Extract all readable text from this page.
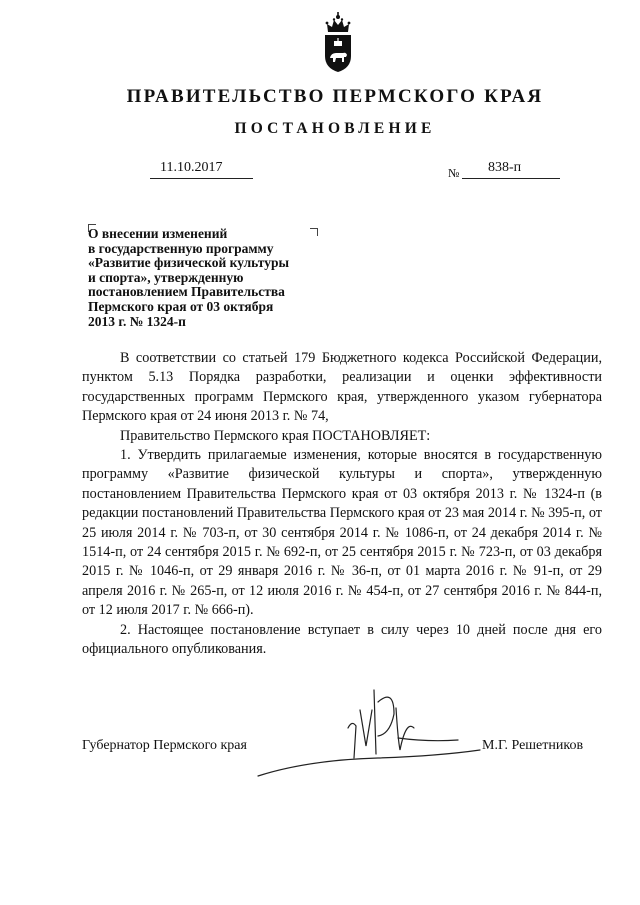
ПРАВИТЕЛЬСТВО ПЕРМСКОГО КРАЯ
ПОСТАНОВЛЕНИЕ
11.10.2017	№ 838-п
О внесении изменений
в государственную программу
«Развитие физической культуры
и спорта», утвержденную
постановлением Правительства
Пермского края от 03 октября
2013 г. № 1324-п

В соответствии со статьей 179 Бюджетного кодекса Российской Федерации, пунктом 5.13 Порядка разработки, реализации и оценки эффективности государственных программ Пермского края, утвержденного указом губернатора Пермского края от 24 июня 2013 г. № 74,

Правительство Пермского края ПОСТАНОВЛЯЕТ:

1. Утвердить прилагаемые изменения, которые вносятся в государственную программу «Развитие физической культуры и спорта», утвержденную постановлением Правительства Пермского края от 03 октября 2013 г. № 1324-п (в редакции постановлений Правительства Пермского края от 23 мая 2014 г. № 395-п, от 25 июля 2014 г. № 703-п, от 30 сентября 2014 г. № 1086-п, от 24 декабря 2014 г. № 1514-п, от 24 сентября 2015 г. № 692-п, от 25 сентября 2015 г. № 723-п, от 03 декабря 2015 г. № 1046-п, от 29 января 2016 г. № 36-п, от 01 марта 2016 г. № 91-п, от 29 апреля 2016 г. № 265-п, от 12 июля 2016 г. № 454-п, от 27 сентября 2016 г. № 844-п, от 12 июля 2017 г. № 666-п).

2. Настоящее постановление вступает в силу через 10 дней после дня его официального опубликования.

Губернатор Пермского края	М.Г. Решетников
